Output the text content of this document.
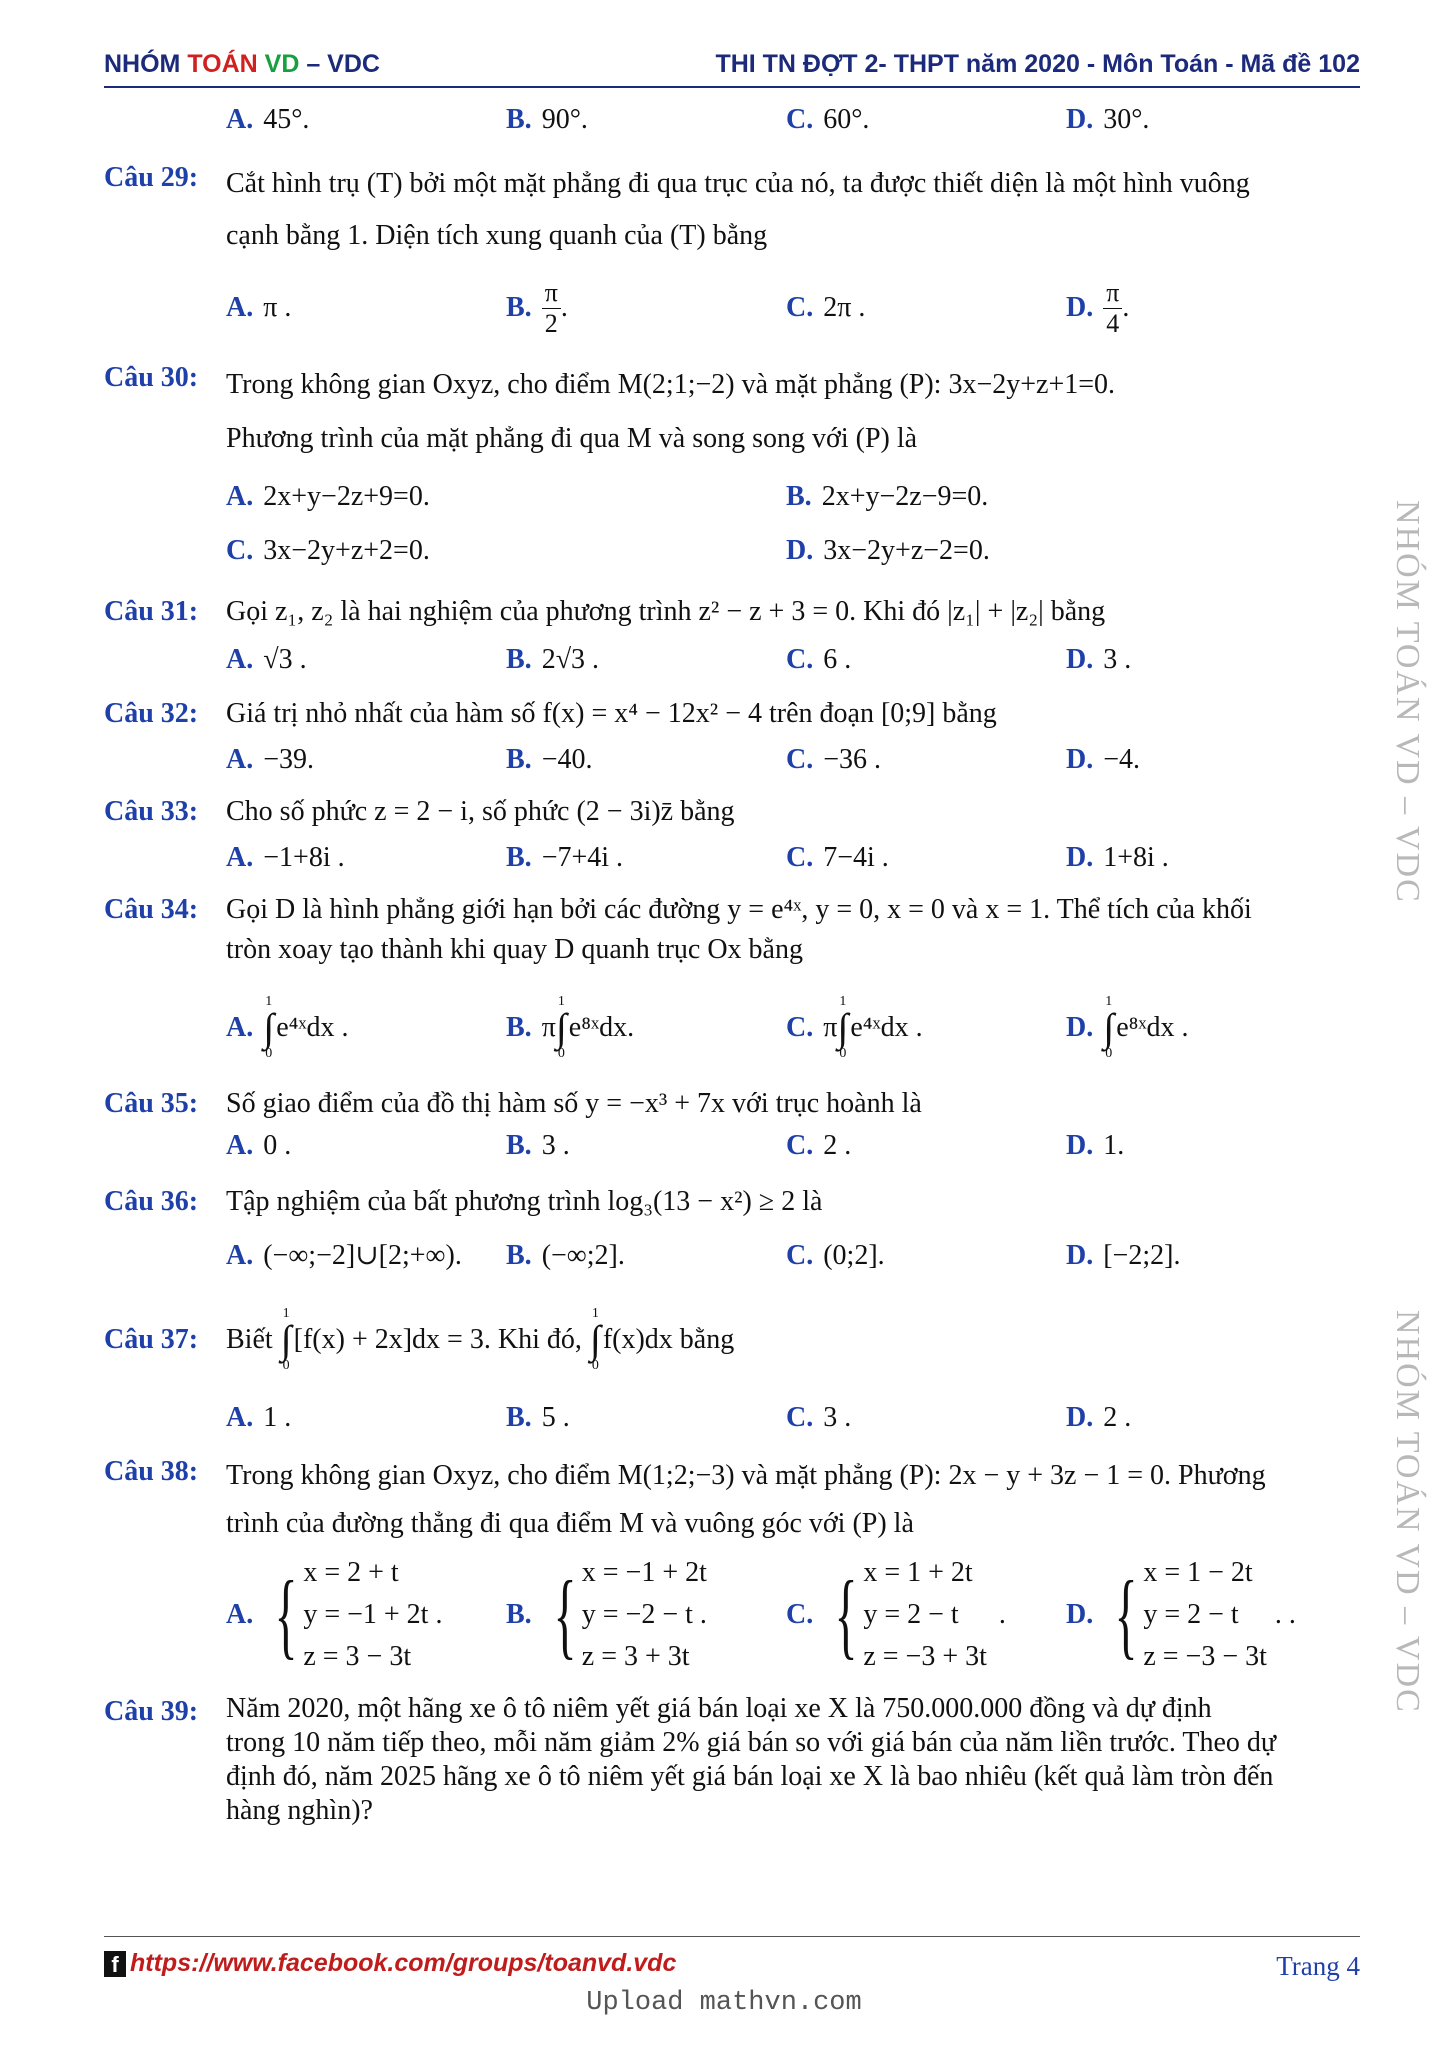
NHÓM TOÁN VD – VDC	THI TN ĐỢT 2- THPT năm 2020 - Môn Toán - Mã đề 102
NHÓM TOÁN VD – VDC
NHÓM TOÁN VD – VDC
A. 45°.	B. 90°.	C. 60°.	D. 30°.
Câu 29: Cắt hình trụ (T) bởi một mặt phẳng đi qua trục của nó, ta được thiết diện là một hình vuông
cạnh bằng 1. Diện tích xung quanh của (T) bằng
A. π .	B. $\frac{\pi}{2}$ .	C. 2π .	D. $\frac{\pi}{4}$ .
Câu 30: Trong không gian Oxyz, cho điểm M(2;1;−2) và mặt phẳng (P): 3x−2y+z+1=0.
Phương trình của mặt phẳng đi qua M và song song với (P) là
A. 2x+y−2z+9=0.	B. 2x+y−2z−9=0.
C. 3x−2y+z+2=0.	D. 3x−2y+z−2=0.
Câu 31: Gọi z₁, z₂ là hai nghiệm của phương trình z² − z + 3 = 0. Khi đó |z₁| + |z₂| bằng
A. √3 .	B. 2√3 .	C. 6 .	D. 3 .
Câu 32: Giá trị nhỏ nhất của hàm số f(x) = x⁴ − 12x² − 4 trên đoạn [0;9] bằng
A. −39.	B. −40.	C. −36 .	D. −4.
Câu 33: Cho số phức z = 2 − i, số phức (2 − 3i)z̄ bằng
A. −1+8i .	B. −7+4i .	C. 7−4i .	D. 1+8i .
Câu 34: Gọi D là hình phẳng giới hạn bởi các đường y = e⁴ˣ, y = 0, x = 0 và x = 1. Thể tích của khối
tròn xoay tạo thành khi quay D quanh trục Ox bằng
A.
1
∫
0
e⁴ˣdx .	B. π
1
∫
0
e⁸ˣdx.	C. π
1
∫
0
e⁴ˣdx .	D.
1
∫
0
e⁸ˣdx .
Câu 35: Số giao điểm của đồ thị hàm số y = −x³ + 7x với trục hoành là
A. 0 .	B. 3 .	C. 2 .	D. 1.
Câu 36: Tập nghiệm của bất phương trình log₃(13 − x²) ≥ 2 là
A. (−∞;−2]∪[2;+∞). B. (−∞;2].	C. (0;2].	D. [−2;2].
Câu 37: Biết
1
∫
0
[f(x) + 2x]dx = 3. Khi đó,
1
∫
0
f(x)dx bằng
A. 1 .	B. 5 .	C. 3 .	D. 2 .
Câu 38: Trong không gian Oxyz, cho điểm M(1;2;−3) và mặt phẳng (P): 2x − y + 3z − 1 = 0. Phương
trình của đường thẳng đi qua điểm M và vuông góc với (P) là
A. { x = 2 + t
y = −1 + 2t .
z = 3 − 3t
B. { x = −1 + 2t
y = −2 − t .
z = 3 + 3t
C. { x = 1 + 2t
y = 2 − t
z = −3 + 3t
. D. { x = 1 − 2t
y = 2 − t
z = −3 − 3t
. .
Câu 39: Năm 2020, một hãng xe ô tô niêm yết giá bán loại xe X là 750.000.000 đồng và dự định
trong 10 năm tiếp theo, mỗi năm giảm 2% giá bán so với giá bán của năm liền trước. Theo dự
định đó, năm 2025 hãng xe ô tô niêm yết giá bán loại xe X là bao nhiêu (kết quả làm tròn đến
hàng nghìn)?
f https://www.facebook.com/groups/toanvd.vdc	Trang 4
Upload mathvn.com
